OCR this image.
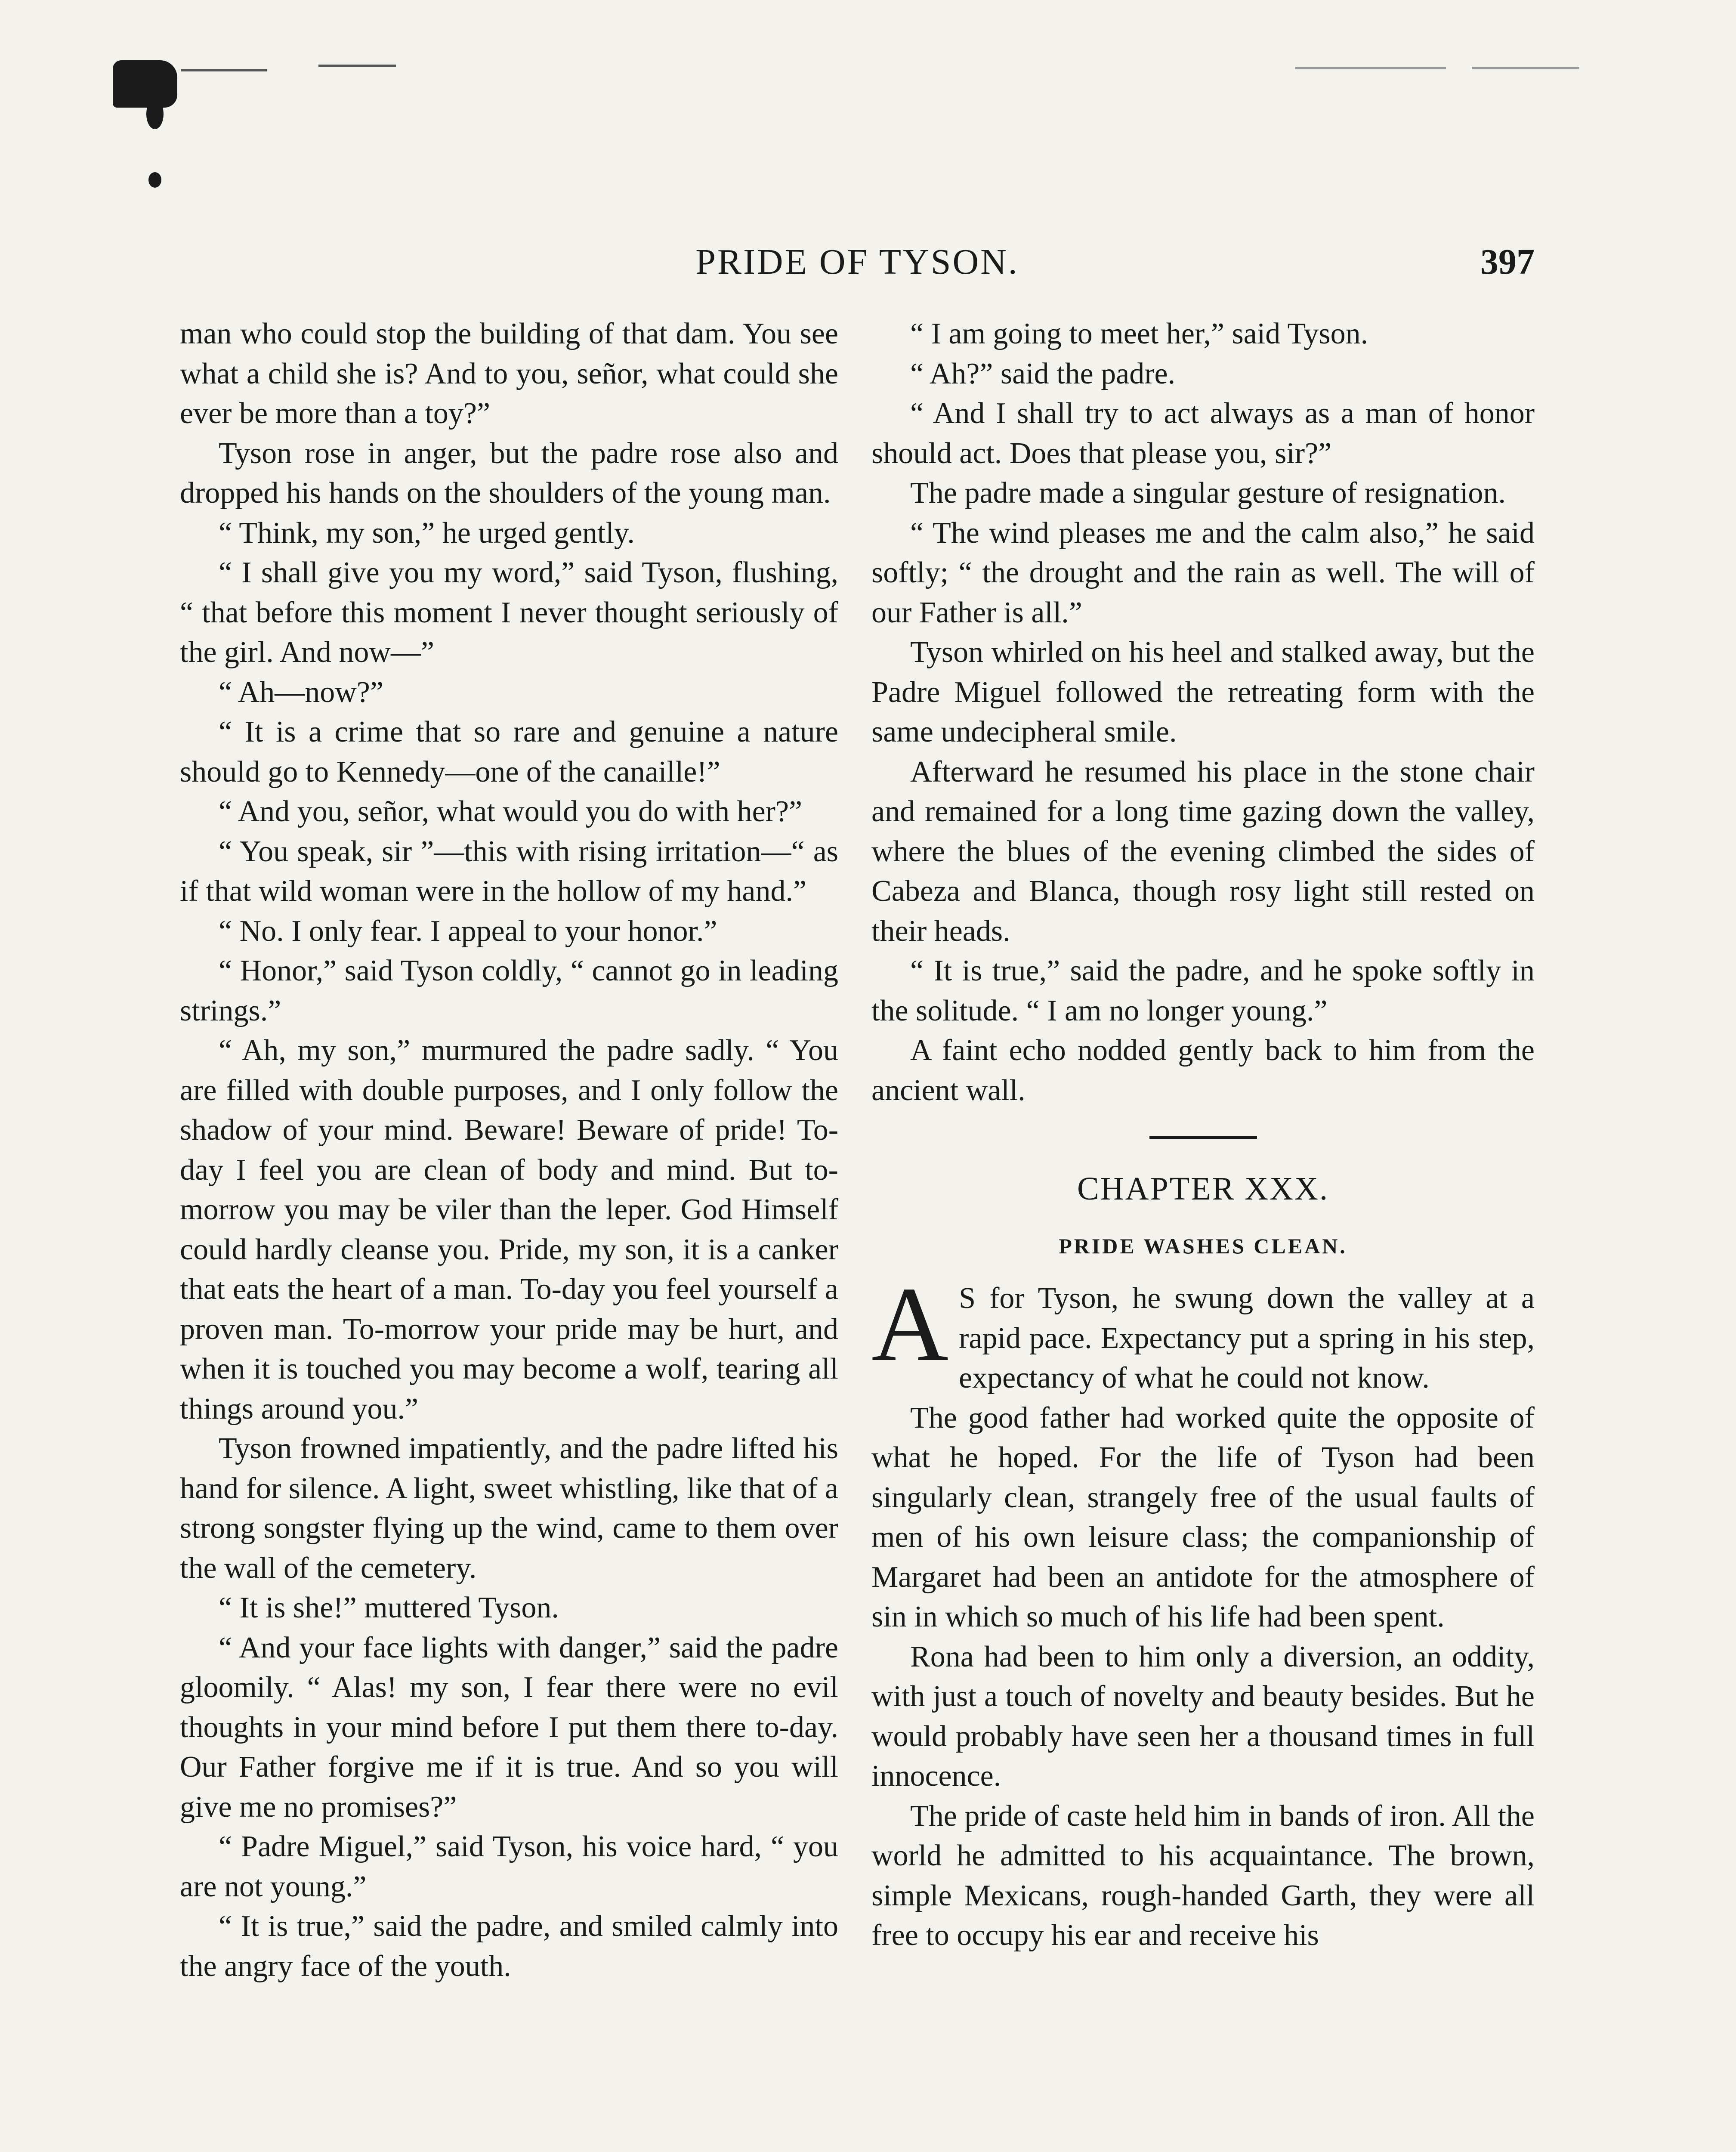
PRIDE OF TYSON.	397

man who could stop the building of that dam. You see what a child she is? And to you, señor, what could she ever be more than a toy?”

Tyson rose in anger, but the padre rose also and dropped his hands on the shoulders of the young man.

“ Think, my son,” he urged gently.

“ I shall give you my word,” said Tyson, flushing, “ that before this moment I never thought seriously of the girl. And now—”

“ Ah—now?”

“ It is a crime that so rare and genuine a nature should go to Kennedy—one of the canaille!”

“ And you, señor, what would you do with her?”

“ You speak, sir ”—this with rising irritation—“ as if that wild woman were in the hollow of my hand.”

“ No. I only fear. I appeal to your honor.”

“ Honor,” said Tyson coldly, “ cannot go in leading strings.”

“ Ah, my son,” murmured the padre sadly. “ You are filled with double purposes, and I only follow the shadow of your mind. Beware! Beware of pride! To-day I feel you are clean of body and mind. But to-morrow you may be viler than the leper. God Himself could hardly cleanse you. Pride, my son, it is a canker that eats the heart of a man. To-day you feel yourself a proven man. To-morrow your pride may be hurt, and when it is touched you may become a wolf, tearing all things around you.”

Tyson frowned impatiently, and the padre lifted his hand for silence. A light, sweet whistling, like that of a strong songster flying up the wind, came to them over the wall of the cemetery.

“ It is she!” muttered Tyson.

“ And your face lights with danger,” said the padre gloomily. “ Alas! my son, I fear there were no evil thoughts in your mind before I put them there to-day. Our Father forgive me if it is true. And so you will give me no promises?”

“ Padre Miguel,” said Tyson, his voice hard, “ you are not young.”

“ It is true,” said the padre, and smiled calmly into the angry face of the youth.

“ I am going to meet her,” said Tyson.

“ Ah?” said the padre.

“ And I shall try to act always as a man of honor should act. Does that please you, sir?”

The padre made a singular gesture of resignation.

“ The wind pleases me and the calm also,” he said softly; “ the drought and the rain as well. The will of our Father is all.”

Tyson whirled on his heel and stalked away, but the Padre Miguel followed the retreating form with the same undecipheral smile.

Afterward he resumed his place in the stone chair and remained for a long time gazing down the valley, where the blues of the evening climbed the sides of Cabeza and Blanca, though rosy light still rested on their heads.

“ It is true,” said the padre, and he spoke softly in the solitude. “ I am no longer young.”

A faint echo nodded gently back to him from the ancient wall.

CHAPTER XXX.
PRIDE WASHES CLEAN.

A S for Tyson, he swung down the valley at a rapid pace. Expectancy put a spring in his step, expectancy of what he could not know.

The good father had worked quite the opposite of what he hoped. For the life of Tyson had been singularly clean, strangely free of the usual faults of men of his own leisure class; the companionship of Margaret had been an antidote for the atmosphere of sin in which so much of his life had been spent.

Rona had been to him only a diversion, an oddity, with just a touch of novelty and beauty besides. But he would probably have seen her a thousand times in full innocence.

The pride of caste held him in bands of iron. All the world he admitted to his acquaintance. The brown, simple Mexicans, rough-handed Garth, they were all free to occupy his ear and receive his
